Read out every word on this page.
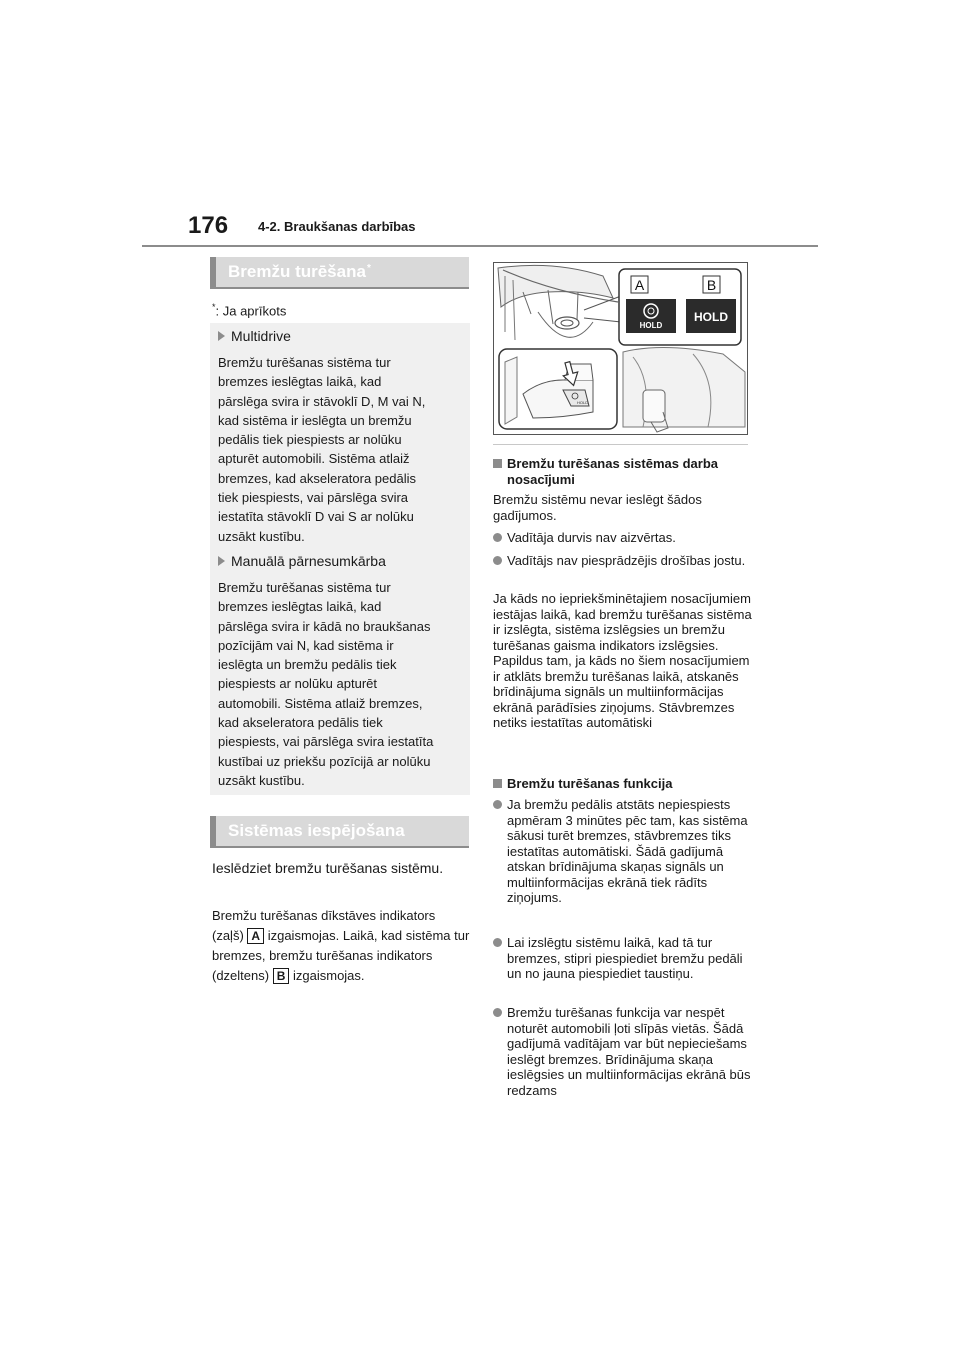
176 4-2. Braukšanas darbības
Bremžu turēšana*
*: Ja aprīkots
Multidrive
Bremžu turēšanas sistēma tur
bremzes ieslēgtas laikā, kad
pārslēga svira ir stāvoklī D, M vai N,
kad sistēma ir ieslēgta un bremžu
pedālis tiek piespiests ar nolūku
apturēt automobili. Sistēma atlaiž
bremzes, kad akseleratora pedālis
tiek piespiests, vai pārslēga svira
iestatīta stāvoklī D vai S ar nolūku
uzsākt kustību.
Manuālā pārnesumkārba
Bremžu turēšanas sistēma tur
bremzes ieslēgtas laikā, kad
pārslēga svira ir kādā no braukšanas
pozīcijām vai N, kad sistēma ir
ieslēgta un bremžu pedālis tiek
piespiests ar nolūku apturēt
automobili. Sistēma atlaiž bremzes,
kad akseleratora pedālis tiek
piespiests, vai pārslēga svira iestatīta
kustībai uz priekšu pozīcijā ar nolūku
uzsākt kustību.
Sistēmas iespējošana
Ieslēdziet bremžu turēšanas sistēmu.
Bremžu turēšanas dīkstāves indikators (zaļš) A izgaismojas. Laikā, kad sistēma tur bremzes, bremžu turēšanas indikators (dzeltens) B izgaismojas.
A	B
HOLD
HOLD
HOLD
Bremžu turēšanas sistēmas darba nosacījumi
Bremžu sistēmu nevar ieslēgt šādos gadījumos.
Vadītāja durvis nav aizvērtas.
Vadītājs nav piesprādzējis drošības jostu.
Ja kāds no iepriekšminētajiem nosacījumiem iestājas laikā, kad bremžu turēšanas sistēma ir izslēgta, sistēma izslēgsies un bremžu turēšanas gaisma indikators izslēgsies. Papildus tam, ja kāds no šiem nosacījumiem ir atklāts bremžu turēšanas laikā, atskanēs brīdinājuma signāls un multiinformācijas ekrānā parādīsies ziņojums. Stāvbremzes netiks iestatītas automātiski
Bremžu turēšanas funkcija
Ja bremžu pedālis atstāts nepiespiests apmēram 3 minūtes pēc tam, kas sistēma sākusi turēt bremzes, stāvbremzes tiks iestatītas automātiski. Šādā gadījumā atskan brīdinājuma skaņas signāls un multiinformācijas ekrānā tiek rādīts ziņojums.
Lai izslēgtu sistēmu laikā, kad tā tur bremzes, stipri piespiediet bremžu pedāli un no jauna piespiediet taustiņu.
Bremžu turēšanas funkcija var nespēt noturēt automobili ļoti slīpās vietās. Šādā gadījumā vadītājam var būt nepieciešams ieslēgt bremzes. Brīdinājuma skaņa ieslēgsies un multiinformācijas ekrānā būs redzams
